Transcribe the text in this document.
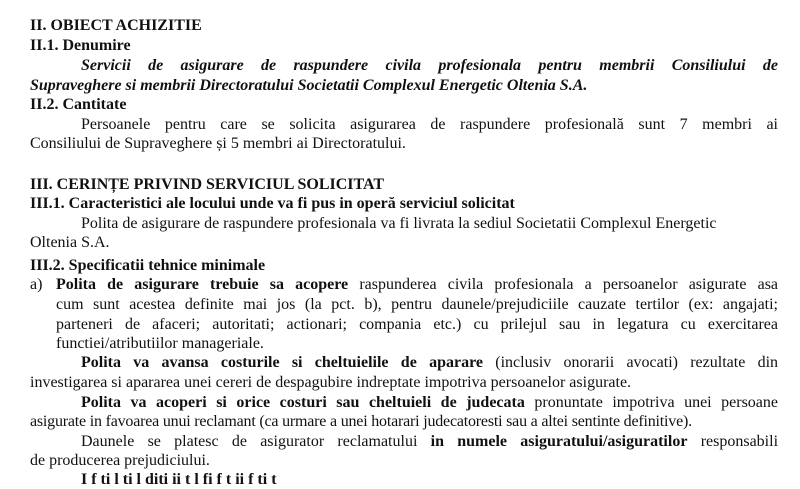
II. OBIECT ACHIZITIE
II.1. Denumire
Servicii de asigurare de raspundere civila profesionala pentru membrii Consiliului de
Supraveghere si membrii Directoratului Societatii Complexul Energetic Oltenia S.A.
II.2. Cantitate
Persoanele pentru care se solicita asigurarea de raspundere profesională sunt 7 membri ai
Consiliului de Supraveghere și 5 membri ai Directoratului.
III. CERINȚE PRIVIND SERVICIUL SOLICITAT
III.1. Caracteristici ale locului unde va fi pus in operă serviciul solicitat
Polita de asigurare de raspundere profesionala va fi livrata la sediul Societatii Complexul Energetic
Oltenia S.A.
III.2. Specificatii tehnice minimale
a) Polita de asigurare trebuie sa acopere raspunderea civila profesionala a persoanelor asigurate asa
cum sunt acestea definite mai jos (la pct. b), pentru daunele/prejudiciile cauzate tertilor (ex: angajati;
parteneri de afaceri; autoritati; actionari; compania etc.) cu prilejul sau in legatura cu exercitarea
functiei/atributiilor manageriale.
Polita va avansa costurile si cheltuielile de aparare (inclusiv onorarii avocati) rezultate din
investigarea si apararea unei cereri de despagubire indreptate impotriva persoanelor asigurate.
Polita va acoperi si orice costuri sau cheltuieli de judecata pronuntate impotriva unei persoane
asigurate in favoarea unui reclamant (ca urmare a unei hotarari judecatoresti sau a altei sentinte definitive).
Daunele se platesc de asigurator reclamatului in numele asiguratului/asiguratilor responsabili
de producerea prejudiciului.
I f ti l ti l diti ii t l fi f t ii f ti t
